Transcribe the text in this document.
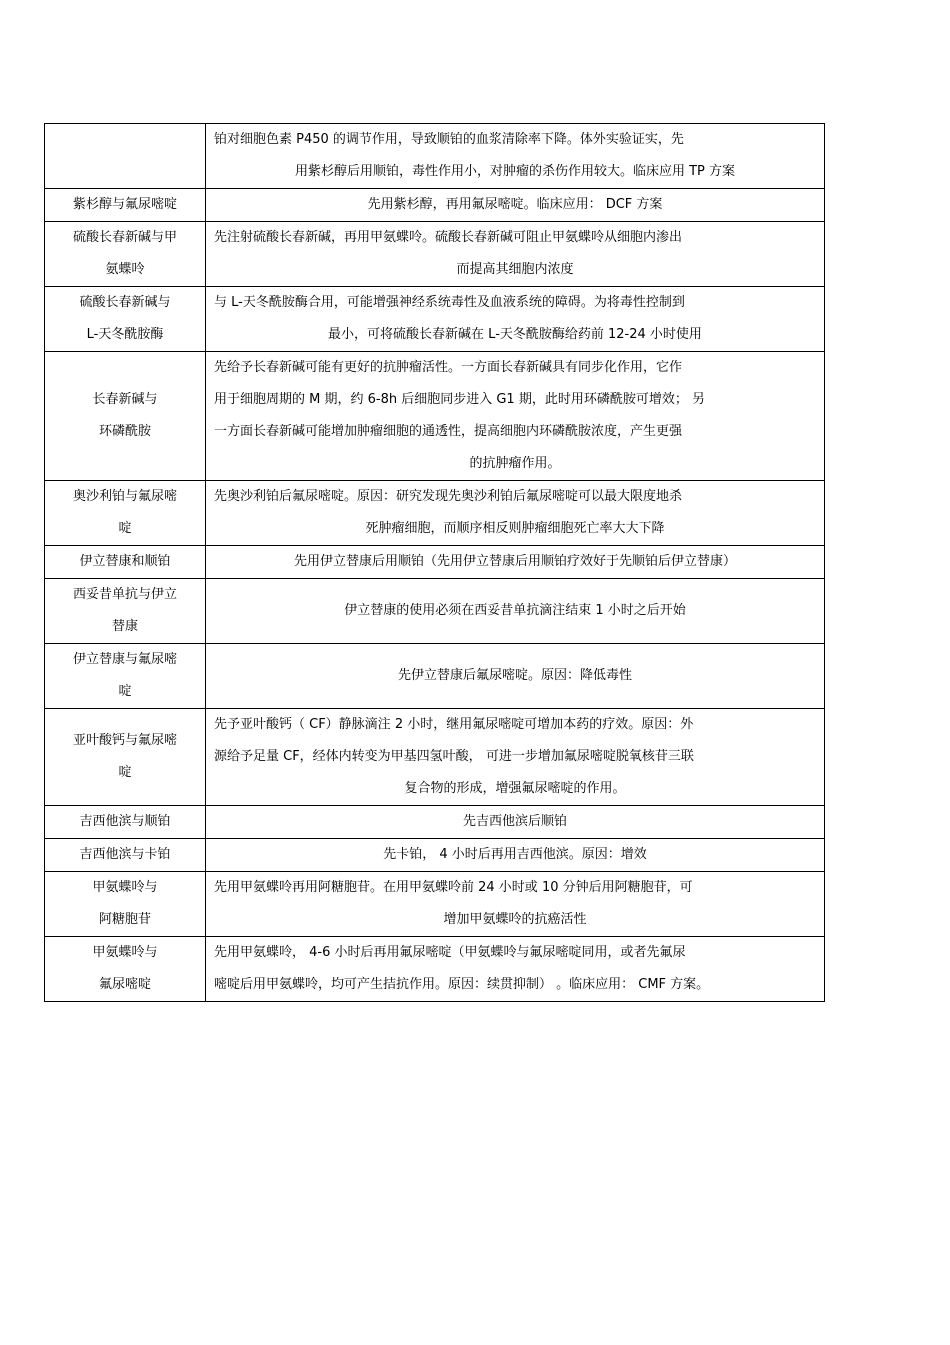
	铂对细胞色素 P450 的调节作用，导致顺铂的血浆清除率下降。体外实验证实，先
用紫杉醇后用顺铂，毒性作用小，对肿瘤的杀伤作用较大。临床应用 TP 方案

紫杉醇与氟尿嘧啶	先用紫杉醇，再用氟尿嘧啶。临床应用： DCF 方案

硫酸长春新碱与甲
氨蝶呤	先注射硫酸长春新碱，再用甲氨蝶呤。硫酸长春新碱可阻止甲氨蝶呤从细胞内渗出
而提高其细胞内浓度

硫酸长春新碱与
L-天冬酰胺酶	与 L-天冬酰胺酶合用，可能增强神经系统毒性及血液系统的障碍。为将毒性控制到
最小，可将硫酸长春新碱在 L-天冬酰胺酶给药前 12-24 小时使用

长春新碱与
环磷酰胺	先给予长春新碱可能有更好的抗肿瘤活性。一方面长春新碱具有同步化作用，它作
用于细胞周期的 M 期，约 6-8h 后细胞同步进入 G1 期，此时用环磷酰胺可增效； 另
一方面长春新碱可能增加肿瘤细胞的通透性，提高细胞内环磷酰胺浓度，产生更强
的抗肿瘤作用。

奥沙利铂与氟尿嘧
啶	先奥沙利铂后氟尿嘧啶。原因：研究发现先奥沙利铂后氟尿嘧啶可以最大限度地杀
死肿瘤细胞，而顺序相反则肿瘤细胞死亡率大大下降

伊立替康和顺铂	先用伊立替康后用顺铂（先用伊立替康后用顺铂疗效好于先顺铂后伊立替康）

西妥昔单抗与伊立
替康	伊立替康的使用必须在西妥昔单抗滴注结束 1 小时之后开始

伊立替康与氟尿嘧
啶	先伊立替康后氟尿嘧啶。原因：降低毒性

亚叶酸钙与氟尿嘧
啶	先予亚叶酸钙（ CF）静脉滴注 2 小时，继用氟尿嘧啶可增加本药的疗效。原因：外
源给予足量 CF，经体内转变为甲基四氢叶酸， 可进一步增加氟尿嘧啶脱氧核苷三联
复合物的形成，增强氟尿嘧啶的作用。

吉西他滨与顺铂	先吉西他滨后顺铂

吉西他滨与卡铂	先卡铂， 4 小时后再用吉西他滨。原因：增效

甲氨蝶呤与
阿糖胞苷	先用甲氨蝶呤再用阿糖胞苷。在用甲氨蝶呤前 24 小时或 10 分钟后用阿糖胞苷，可
增加甲氨蝶呤的抗癌活性

甲氨蝶呤与
氟尿嘧啶	先用甲氨蝶呤， 4-6 小时后再用氟尿嘧啶（甲氨蝶呤与氟尿嘧啶同用，或者先氟尿
嘧啶后用甲氨蝶呤，均可产生拮抗作用。原因：续贯抑制） 。临床应用： CMF 方案。
